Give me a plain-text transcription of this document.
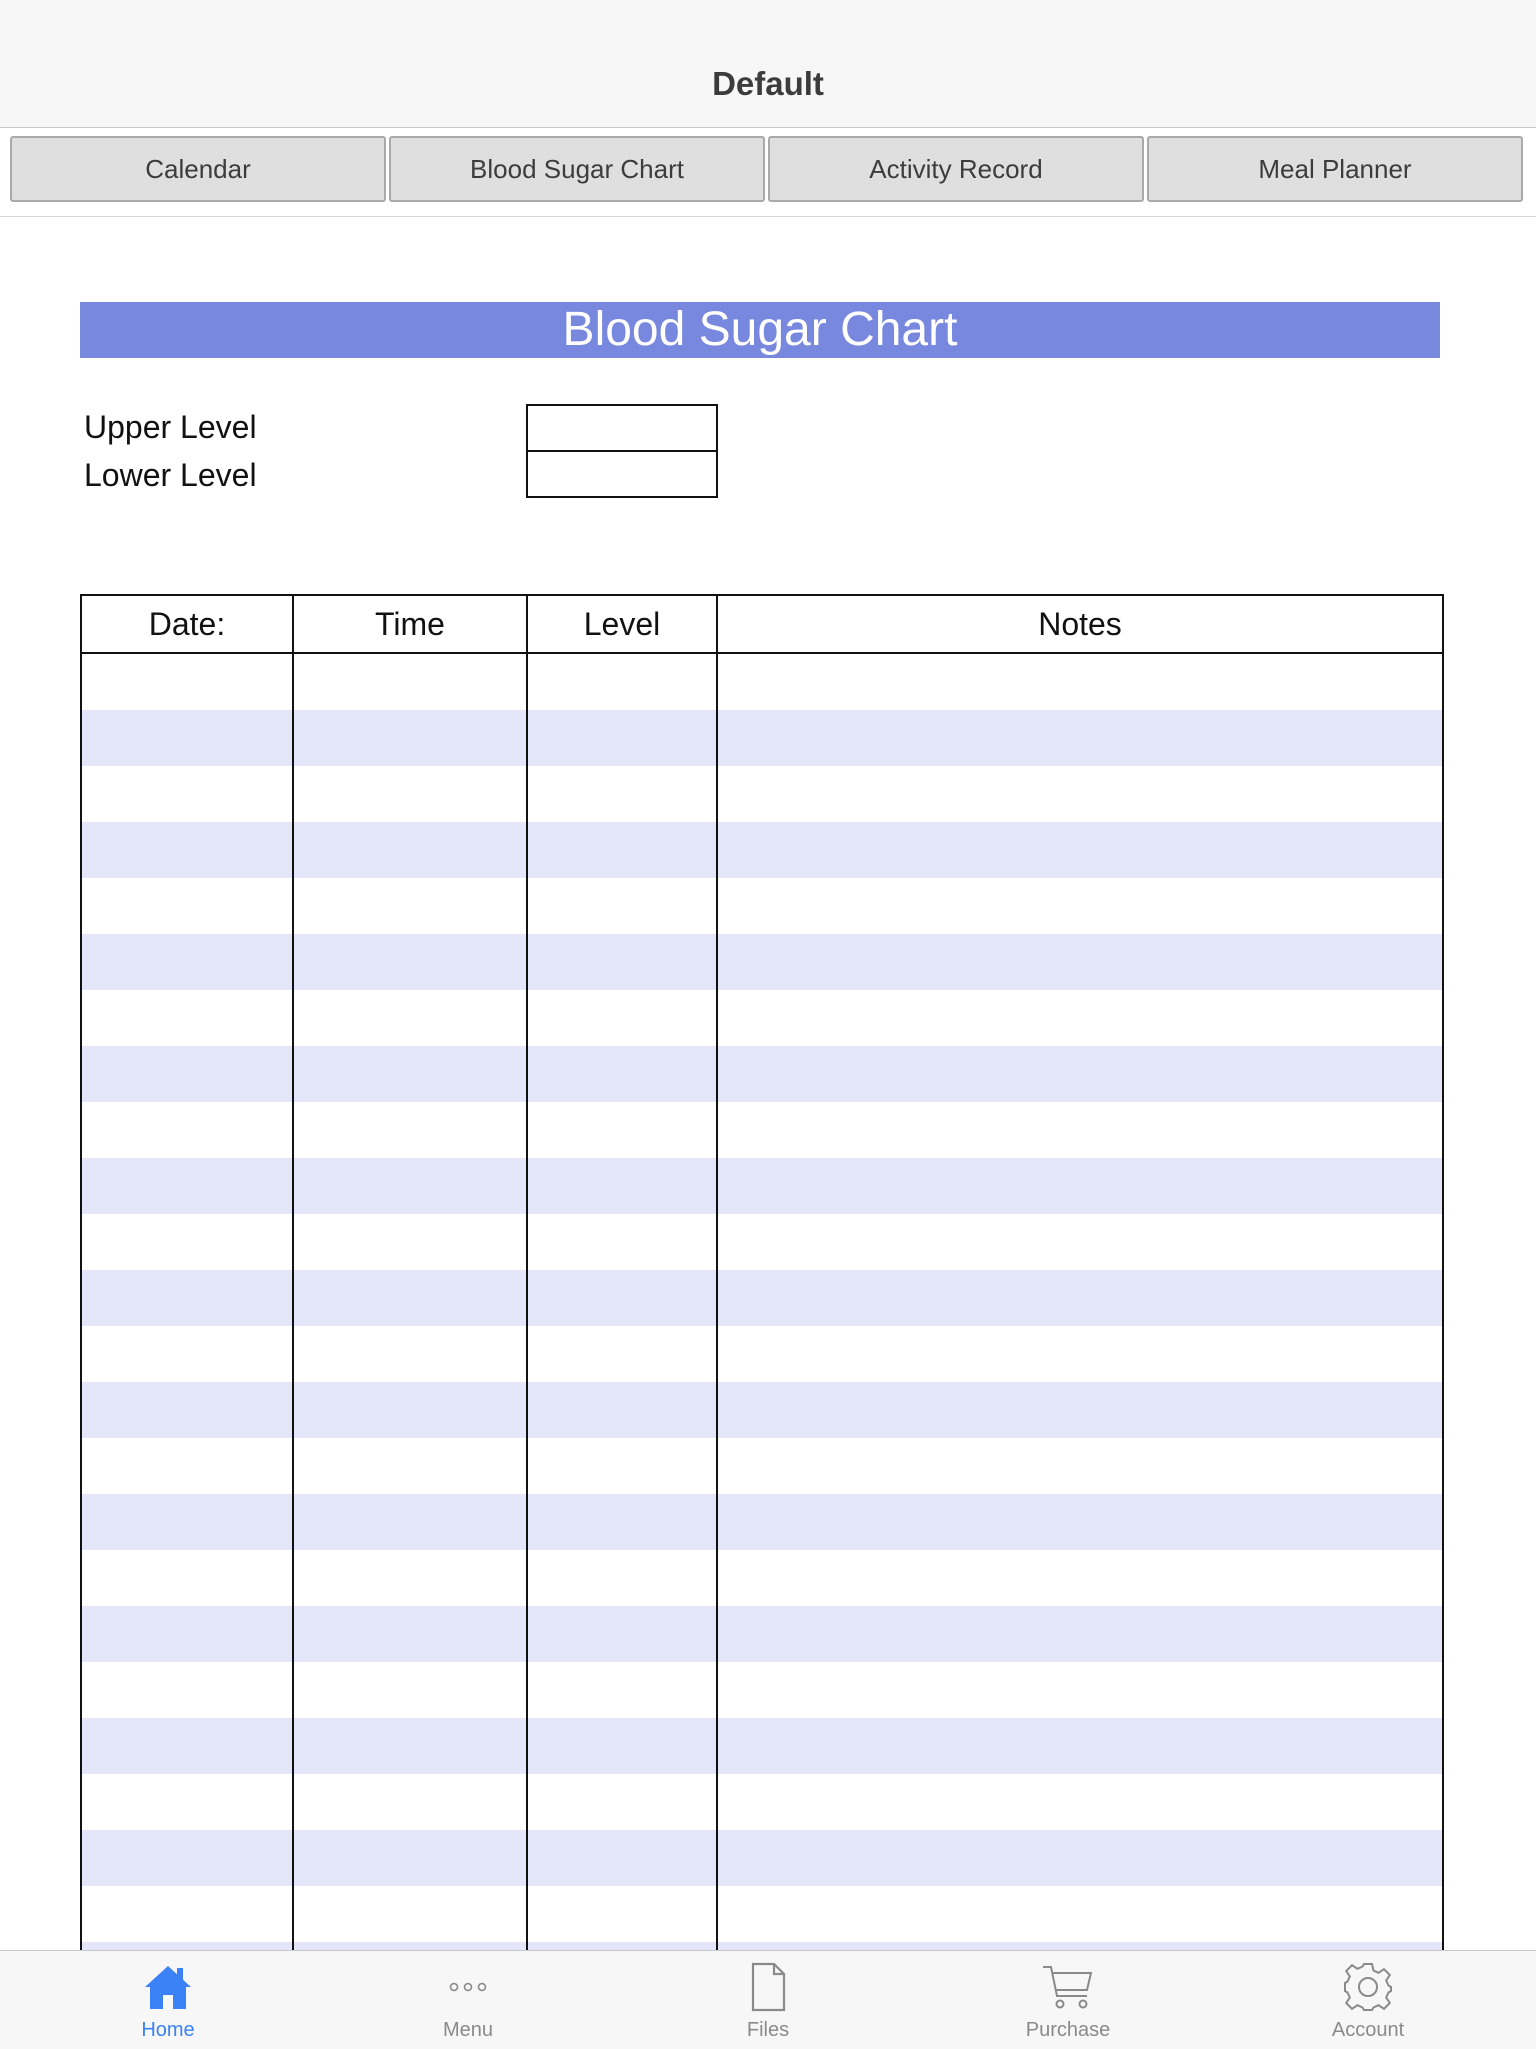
Default
Calendar	Blood Sugar Chart	Activity Record	Meal Planner
Blood Sugar Chart
Upper Level
Lower Level
Date:	Time	Level	Notes

Home	Menu	Files	Purchase	Account
